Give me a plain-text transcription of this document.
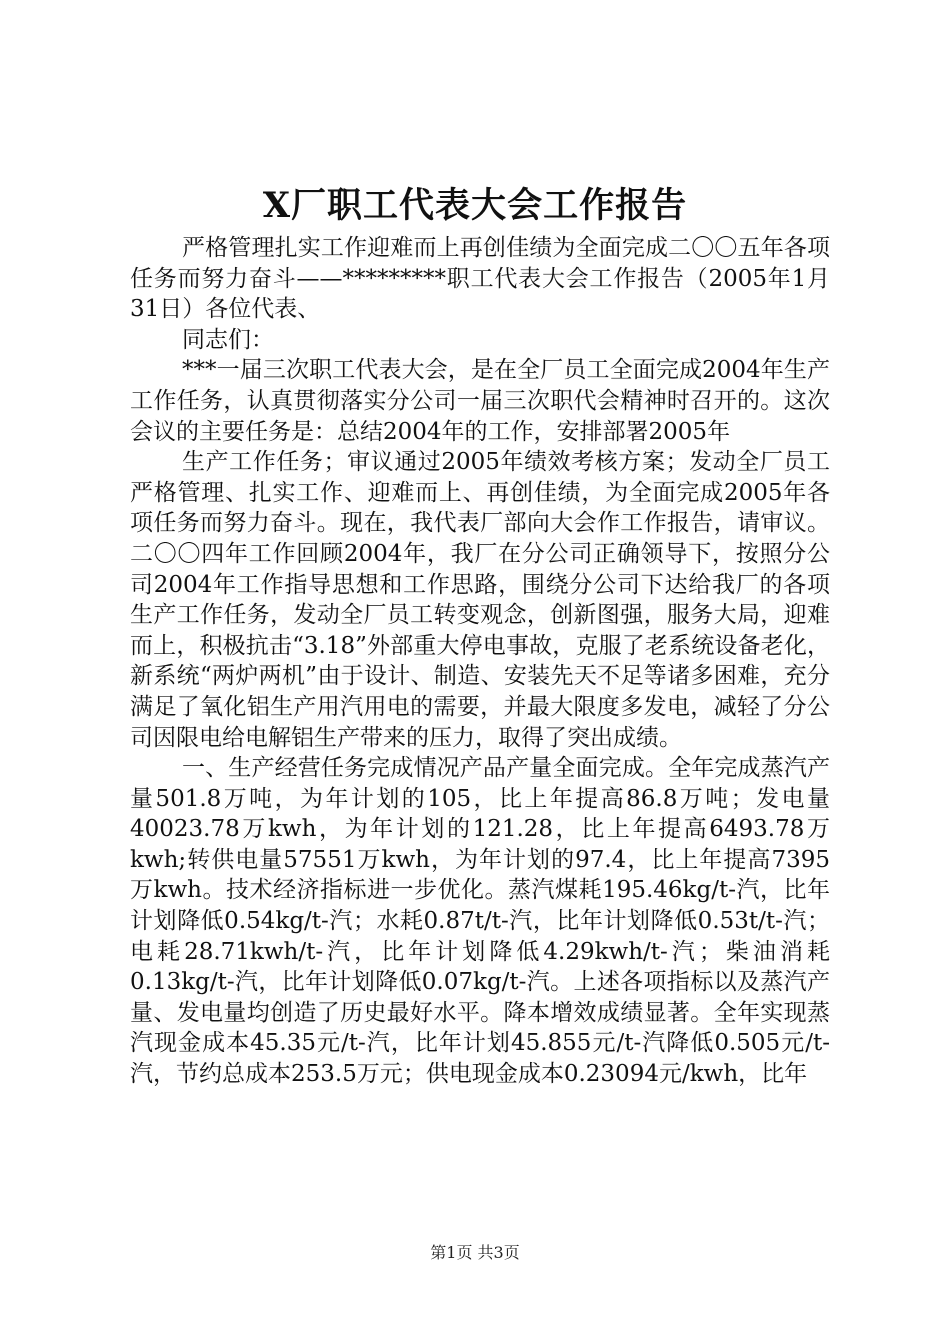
X厂职工代表大会工作报告

严格管理扎实工作迎难而上再创佳绩为全面完成二〇〇五年各项任务而努力奋斗——*********职工代表大会工作报告（2005年1月31日）各位代表、

同志们：

***一届三次职工代表大会，是在全厂员工全面完成2004年生产工作任务，认真贯彻落实分公司一届三次职代会精神时召开的。这次会议的主要任务是：总结2004年的工作，安排部署2005年

生产工作任务；审议通过2005年绩效考核方案；发动全厂员工严格管理、扎实工作、迎难而上、再创佳绩，为全面完成2005年各项任务而努力奋斗。现在，我代表厂部向大会作工作报告，请审议。二〇〇四年工作回顾2004年，我厂在分公司正确领导下，按照分公司2004年工作指导思想和工作思路，围绕分公司下达给我厂的各项生产工作任务，发动全厂员工转变观念，创新图强，服务大局，迎难而上，积极抗击“3.18”外部重大停电事故，克服了老系统设备老化，新系统“两炉两机”由于设计、制造、安装先天不足等诸多困难，充分满足了氧化铝生产用汽用电的需要，并最大限度多发电，减轻了分公司因限电给电解铝生产带来的压力，取得了突出成绩。

一、生产经营任务完成情况产品产量全面完成。全年完成蒸汽产量501.8万吨，为年计划的105，比上年提高86.8万吨；发电量40023.78万kwh，为年计划的121.28，比上年提高6493.78万kwh;转供电量57551万kwh，为年计划的97.4，比上年提高7395万kwh。技术经济指标进一步优化。蒸汽煤耗195.46kg/t-汽，比年计划降低0.54kg/t-汽；水耗0.87t/t-汽，比年计划降低0.53t/t-汽；电耗28.71kwh/t-汽，比年计划降低4.29kwh/t-汽；柴油消耗0.13kg/t-汽，比年计划降低0.07kg/t-汽。上述各项指标以及蒸汽产量、发电量均创造了历史最好水平。降本增效成绩显著。全年实现蒸汽现金成本45.35元/t-汽，比年计划45.855元/t-汽降低0.505元/t-汽，节约总成本253.5万元；供电现金成本0.23094元/kwh，比年

第1页 共3页
